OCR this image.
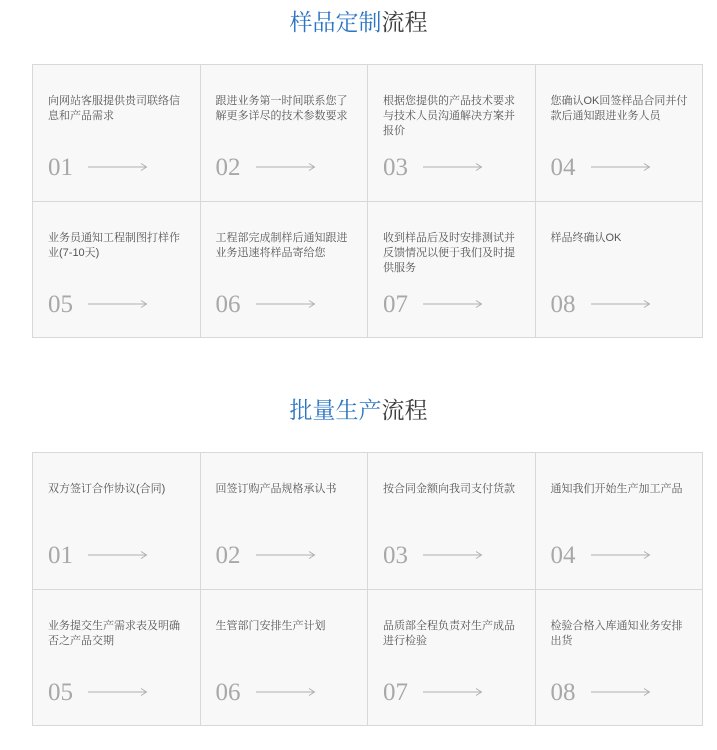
样品定制流程
向网站客服提供贵司联络信息和产品需求
01
跟进业务第一时间联系您了解更多详尽的技术参数要求
02
根据您提供的产品技术要求与技术人员沟通解决方案并报价
03
您确认OK回签样品合同并付款后通知跟进业务人员
04
业务员通知工程制图打样作业(7-10天)
05
工程部完成制样后通知跟进业务迅速将样品寄给您
06
收到样品后及时安排测试并反馈情况以便于我们及时提供服务
07
样品终确认OK
08
批量生产流程
双方签订合作协议(合同)
01
回签订购产品规格承认书
02
按合同金额向我司支付货款
03
通知我们开始生产加工产品
04
业务提交生产需求表及明确否之产品交期
05
生管部门安排生产计划
06
品质部全程负责对生产成品进行检验
07
检验合格入库通知业务安排出货
08
